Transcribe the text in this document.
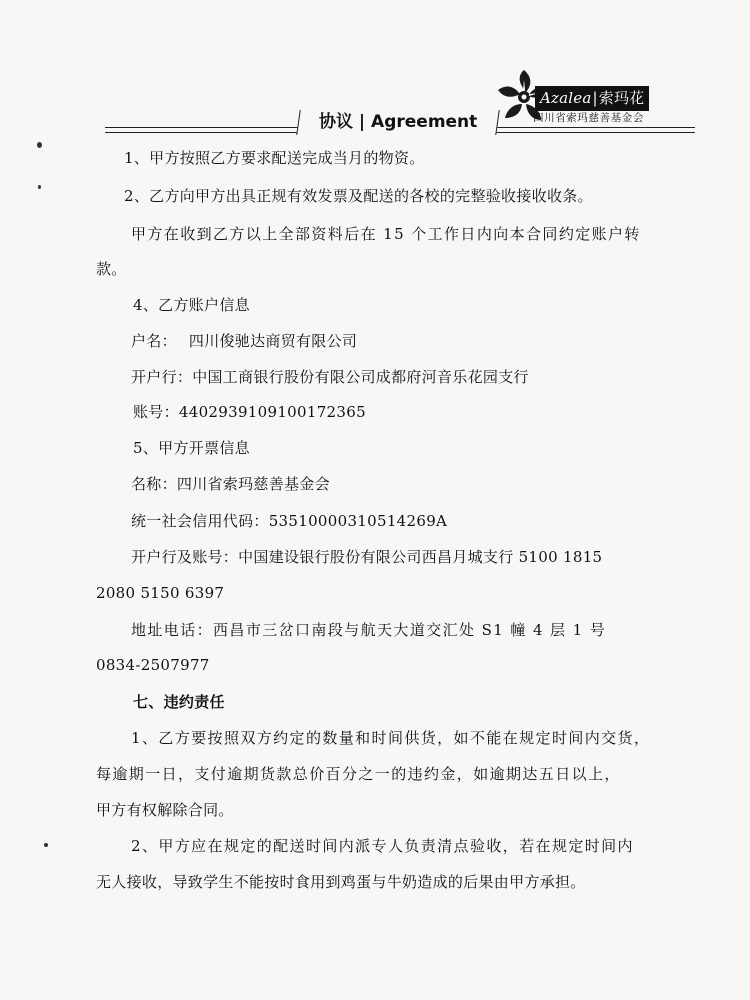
Azalea|索玛花
四川省索玛慈善基金会
协议 | Agreement
1、甲方按照乙方要求配送完成当月的物资。
2、乙方向甲方出具正规有效发票及配送的各校的完整验收接收收条。
甲方在收到乙方以上全部资料后在 15 个工作日内向本合同约定账户转
款。
4、乙方账户信息
户名： 四川俊驰达商贸有限公司
开户行：中国工商银行股份有限公司成都府河音乐花园支行
账号：4402939109100172365
5、甲方开票信息
名称：四川省索玛慈善基金会
统一社会信用代码：53510000310514269A
开户行及账号：中国建设银行股份有限公司西昌月城支行 5100 1815
2080 5150 6397
地址电话：西昌市三岔口南段与航天大道交汇处 S1 幢 4 层 1 号
0834-2507977
七、违约责任
1、乙方要按照双方约定的数量和时间供货，如不能在规定时间内交货，
每逾期一日，支付逾期货款总价百分之一的违约金，如逾期达五日以上，
甲方有权解除合同。
2、甲方应在规定的配送时间内派专人负责清点验收，若在规定时间内
无人接收，导致学生不能按时食用到鸡蛋与牛奶造成的后果由甲方承担。
